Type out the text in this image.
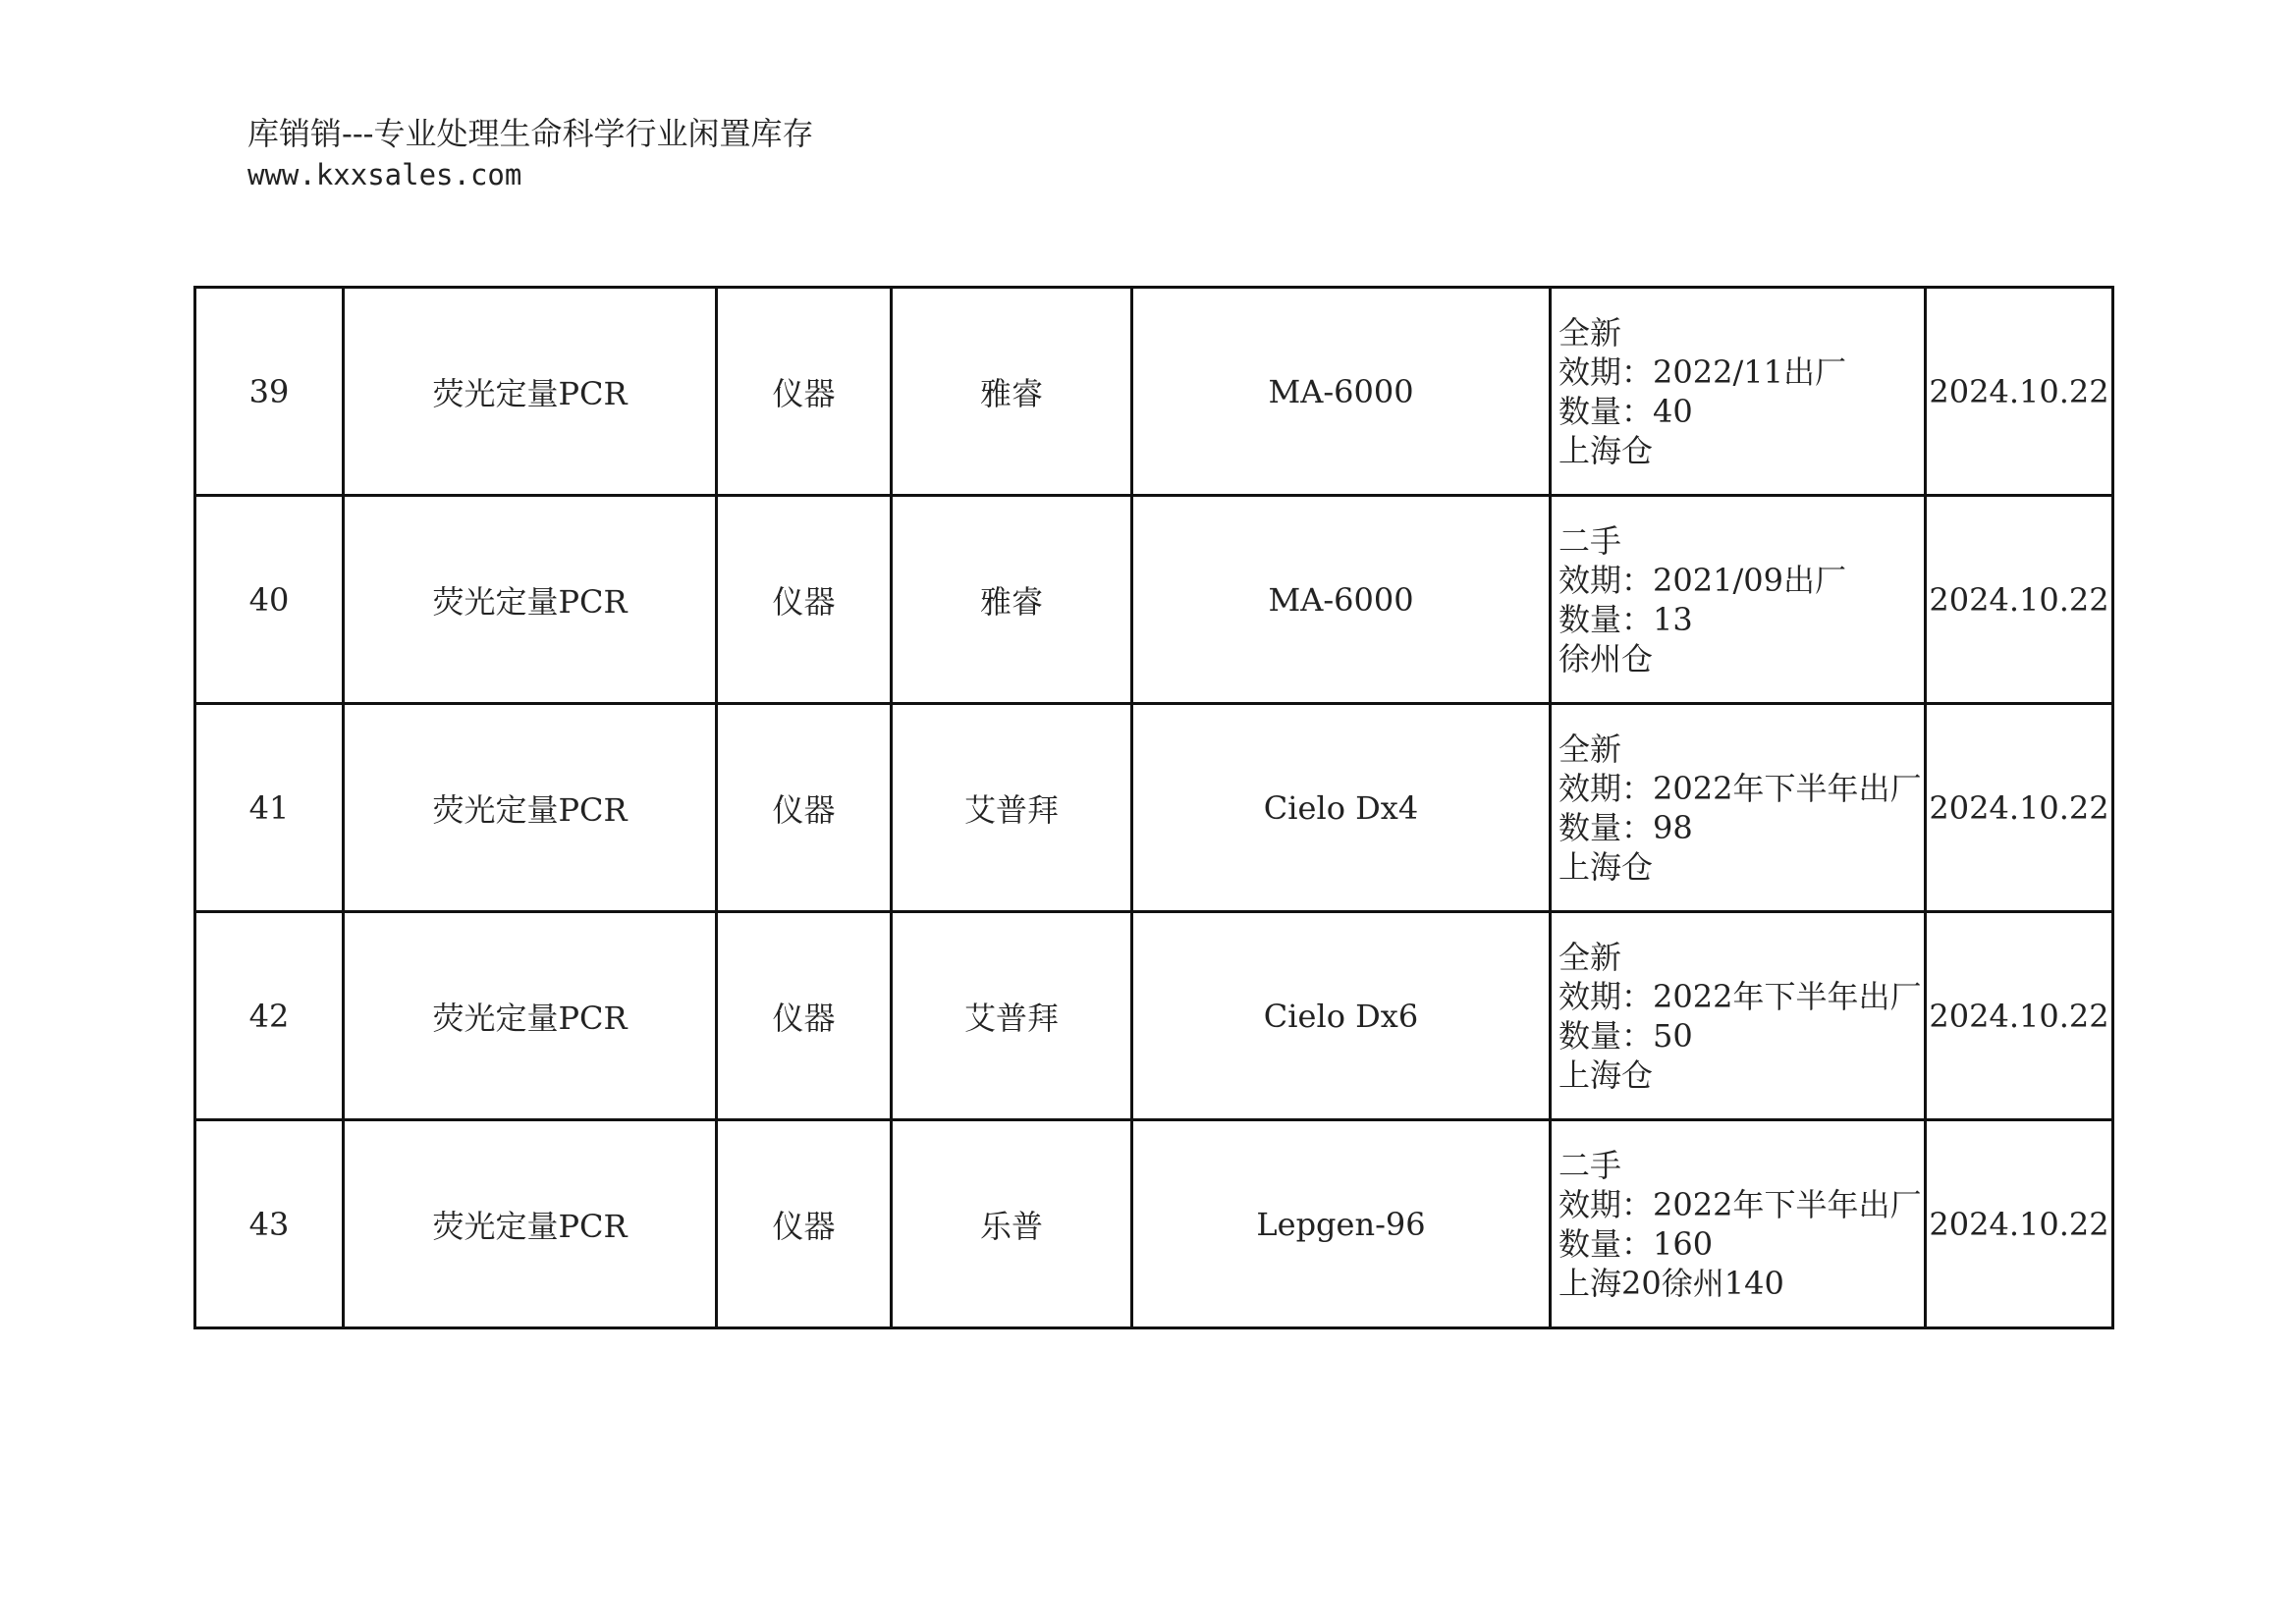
库销销---专业处理生命科学行业闲置库存
www.kxxsales.com
39	荧光定量PCR	仪器	雅睿	MA-6000	全新
效期：2022/11出厂
数量：40
上海仓	2024.10.22
40	荧光定量PCR	仪器	雅睿	MA-6000	二手
效期：2021/09出厂
数量：13
徐州仓	2024.10.22
41	荧光定量PCR	仪器	艾普拜	Cielo Dx4	全新
效期：2022年下半年出厂
数量：98
上海仓	2024.10.22
42	荧光定量PCR	仪器	艾普拜	Cielo Dx6	全新
效期：2022年下半年出厂
数量：50
上海仓	2024.10.22
43	荧光定量PCR	仪器	乐普	Lepgen-96	二手
效期：2022年下半年出厂
数量：160
上海20徐州140	2024.10.22
